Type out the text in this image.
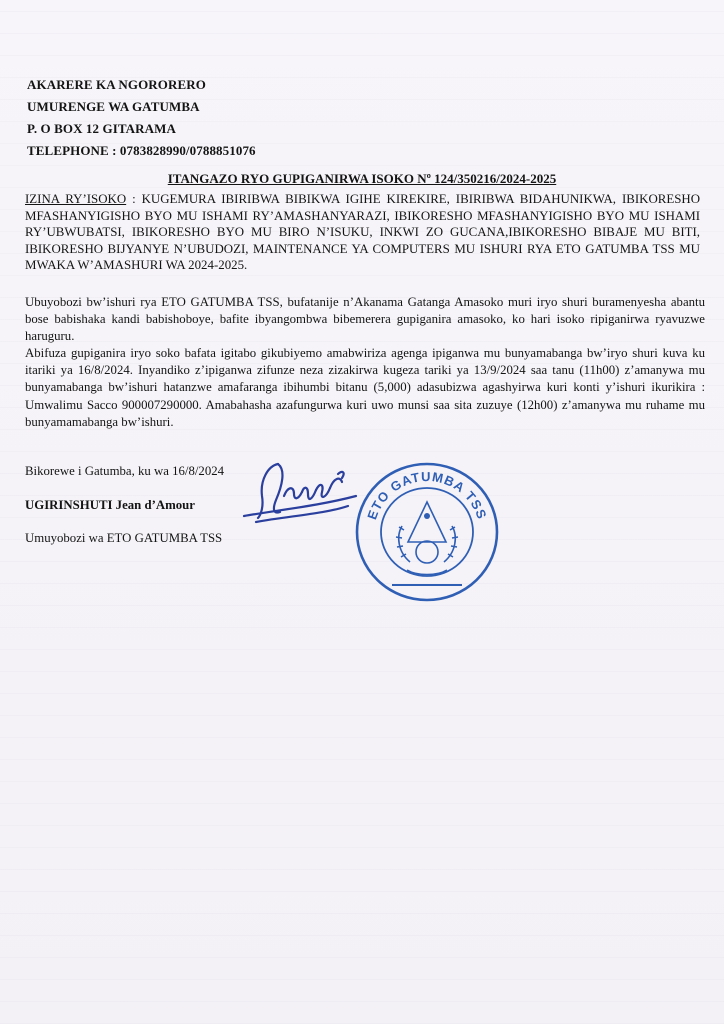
AKARERE KA NGORORERO
UMURENGE WA GATUMBA
P. O BOX 12 GITARAMA
TELEPHONE : 0783828990/0788851076
ITANGAZO RYO GUPIGANIRWA ISOKO Nº 124/350216/2024-2025
IZINA RY’ISOKO : KUGEMURA IBIRIBWA BIBIKWA IGIHE KIREKIRE, IBIRIBWA BIDAHUNIKWA, IBIKORESHO MFASHANYIGISHO BYO MU ISHAMI RY’AMASHANYARAZI, IBIKORESHO MFASHANYIGISHO BYO MU ISHAMI RY’UBWUBATSI, IBIKORESHO BYO MU BIRO N’ISUKU, INKWI ZO GUCANA,IBIKORESHO BIBAJE MU BITI, IBIKORESHO BIJYANYE N’UBUDOZI, MAINTENANCE YA COMPUTERS MU ISHURI RYA ETO GATUMBA TSS MU MWAKA W’AMASHURI WA 2024-2025.
Ubuyobozi bw’ishuri rya ETO GATUMBA TSS, bufatanije n’Akanama Gatanga Amasoko muri iryo shuri buramenyesha abantu bose babishaka kandi babishoboye, bafite ibyangombwa bibemerera gupiganira amasoko, ko hari isoko ripiganirwa ryavuzwe haruguru.
Abifuza gupiganira iryo soko bafata igitabo gikubiyemo amabwiriza agenga ipiganwa mu bunyamabanga bw’iryo shuri kuva ku itariki ya 16/8/2024. Inyandiko z’ipiganwa zifunze neza zizakirwa kugeza tariki ya 13/9/2024 saa tanu (11h00) z’amanywa mu bunyamabanga bw’ishuri hatanzwe amafaranga ibihumbi bitanu (5,000) adasubizwa agashyirwa kuri konti y’ishuri ikurikira : Umwalimu Sacco 900007290000. Amabahasha azafungurwa kuri uwo munsi saa sita zuzuye (12h00) z’amanywa mu ruhame mu bunyamamabanga bw’ishuri.
Bikorewe i Gatumba, ku wa 16/8/2024
UGIRINSHUTI Jean d’Amour
Umuyobozi wa ETO GATUMBA TSS
ETO GATUMBA TSS
